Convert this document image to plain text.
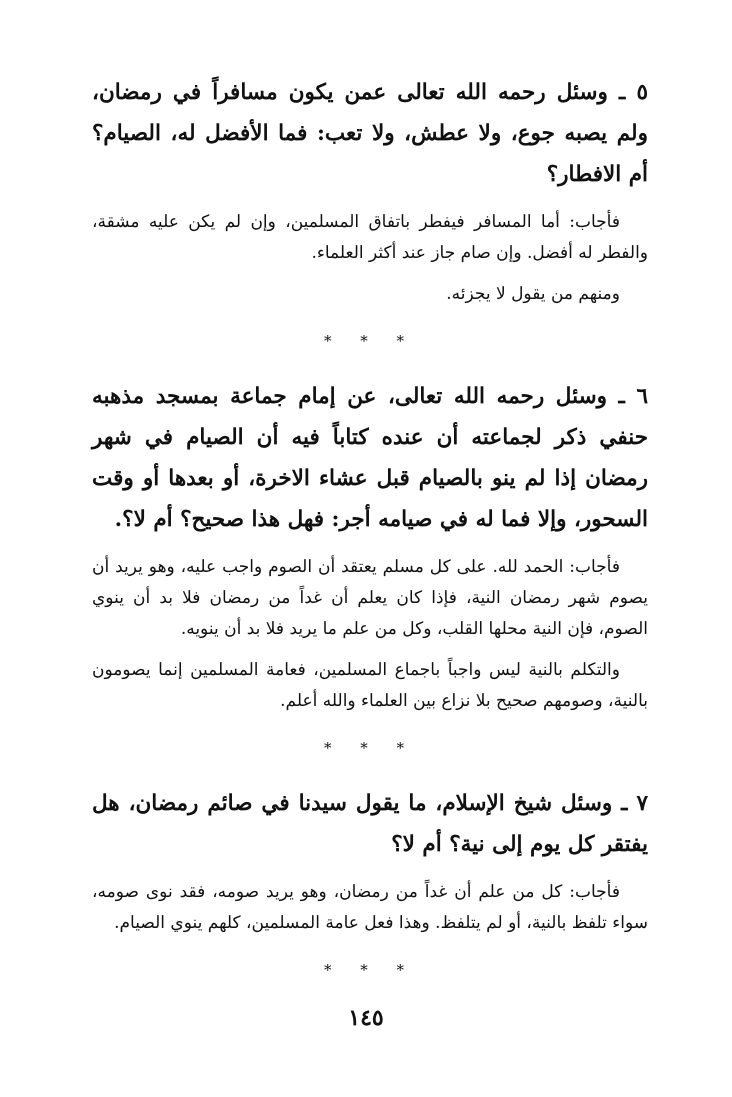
٥ ـ وسئل رحمه الله تعالى عمن يكون مسافراً في رمضان، ولم يصبه جوع، ولا عطش، ولا تعب: فما الأفضل له، الصيام؟ أم الافطار؟

فأجاب: أما المسافر فيفطر باتفاق المسلمين، وإن لم يكن عليه مشقة، والفطر له أفضل. وإن صام جاز عند أكثر العلماء.

ومنهم من يقول لا يجزئه.

* * *

٦ ـ وسئل رحمه الله تعالى، عن إمام جماعة بمسجد مذهبه حنفي ذكر لجماعته أن عنده كتاباً فيه أن الصيام في شهر رمضان إذا لم ينو بالصيام قبل عشاء الاخرة، أو بعدها أو وقت السحور، وإلا فما له في صيامه أجر: فهل هذا صحيح؟ أم لا؟.

فأجاب: الحمد لله. على كل مسلم يعتقد أن الصوم واجب عليه، وهو يريد أن يصوم شهر رمضان النية، فإذا كان يعلم أن غداً من رمضان فلا بد أن ينوي الصوم، فإن النية محلها القلب، وكل من علم ما يريد فلا بد أن ينويه.

والتكلم بالنية ليس واجباً باجماع المسلمين، فعامة المسلمين إنما يصومون بالنية، وصومهم صحيح بلا نزاع بين العلماء والله أعلم.

* * *

٧ ـ وسئل شيخ الإسلام، ما يقول سيدنا في صائم رمضان، هل يفتقر كل يوم إلى نية؟ أم لا؟

فأجاب: كل من علم أن غداً من رمضان، وهو يريد صومه، فقد نوى صومه، سواء تلفظ بالنية، أو لم يتلفظ. وهذا فعل عامة المسلمين، كلهم ينوي الصيام.

* * *
١٤٥
